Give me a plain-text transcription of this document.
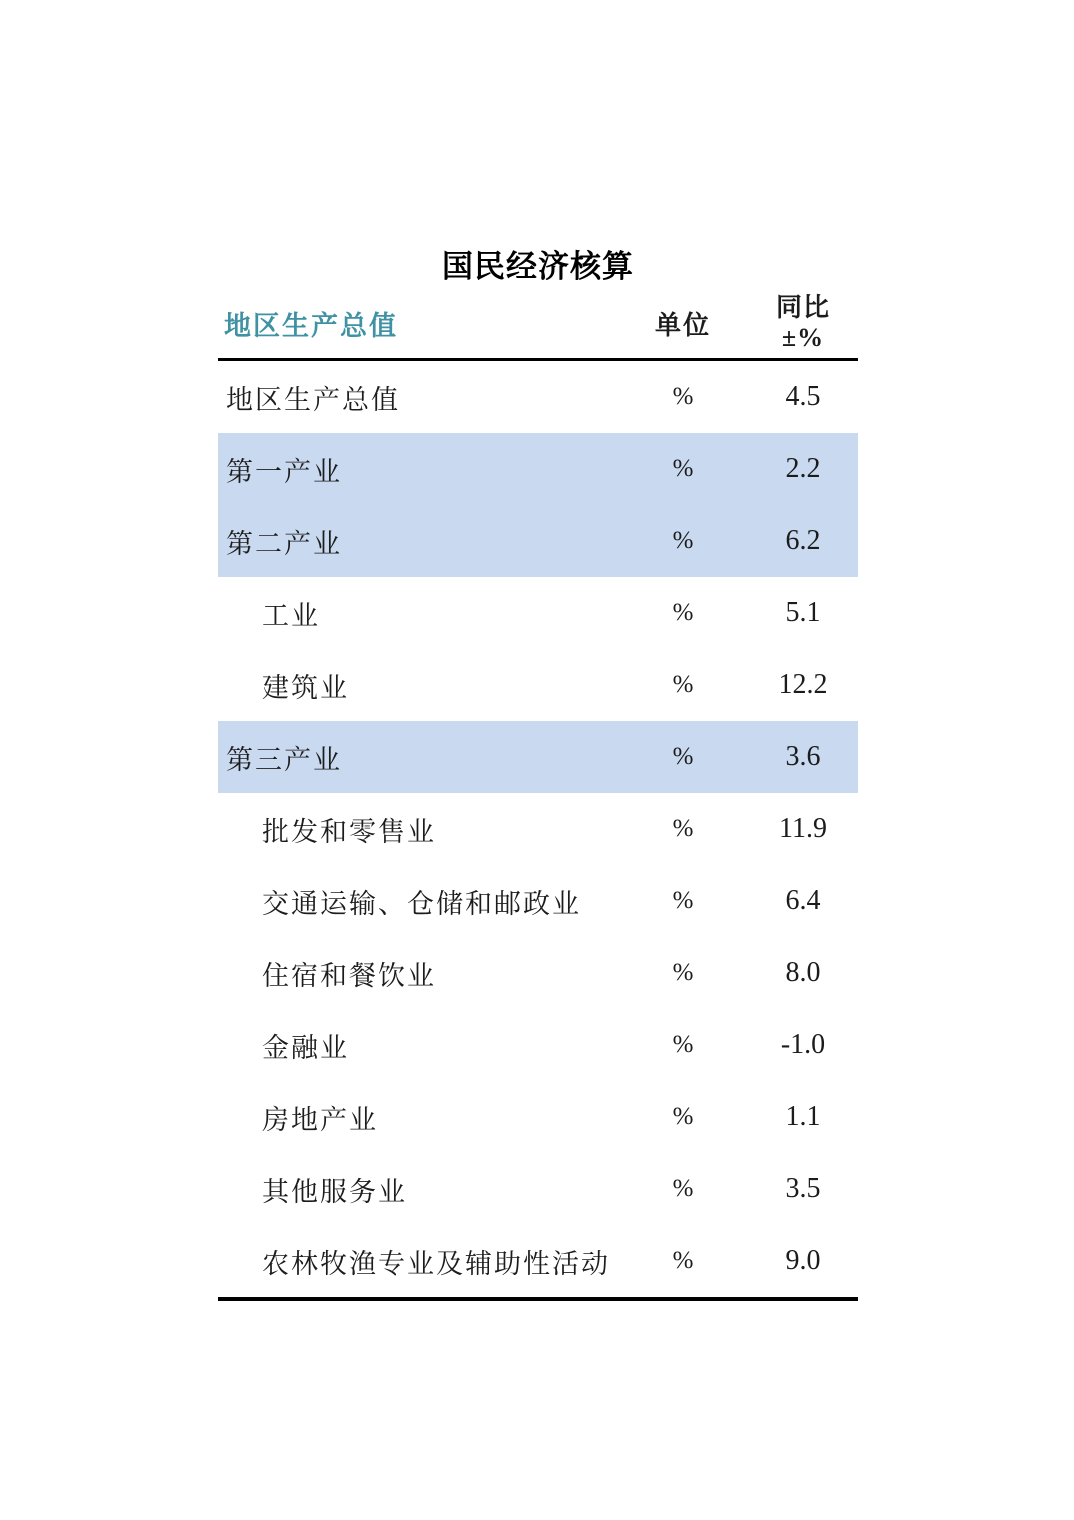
国民经济核算
地区生产总值	单位
同比
±%
地区生产总值	%	4.5
第一产业	%	2.2
第二产业	%	6.2
工业	%	5.1
建筑业	%	12.2
第三产业	%	3.6
批发和零售业	%	11.9
交通运输、仓储和邮政业	%	6.4
住宿和餐饮业	%	8.0
金融业	%	-1.0
房地产业	%	1.1
其他服务业	%	3.5
农林牧渔专业及辅助性活动	%	9.0
